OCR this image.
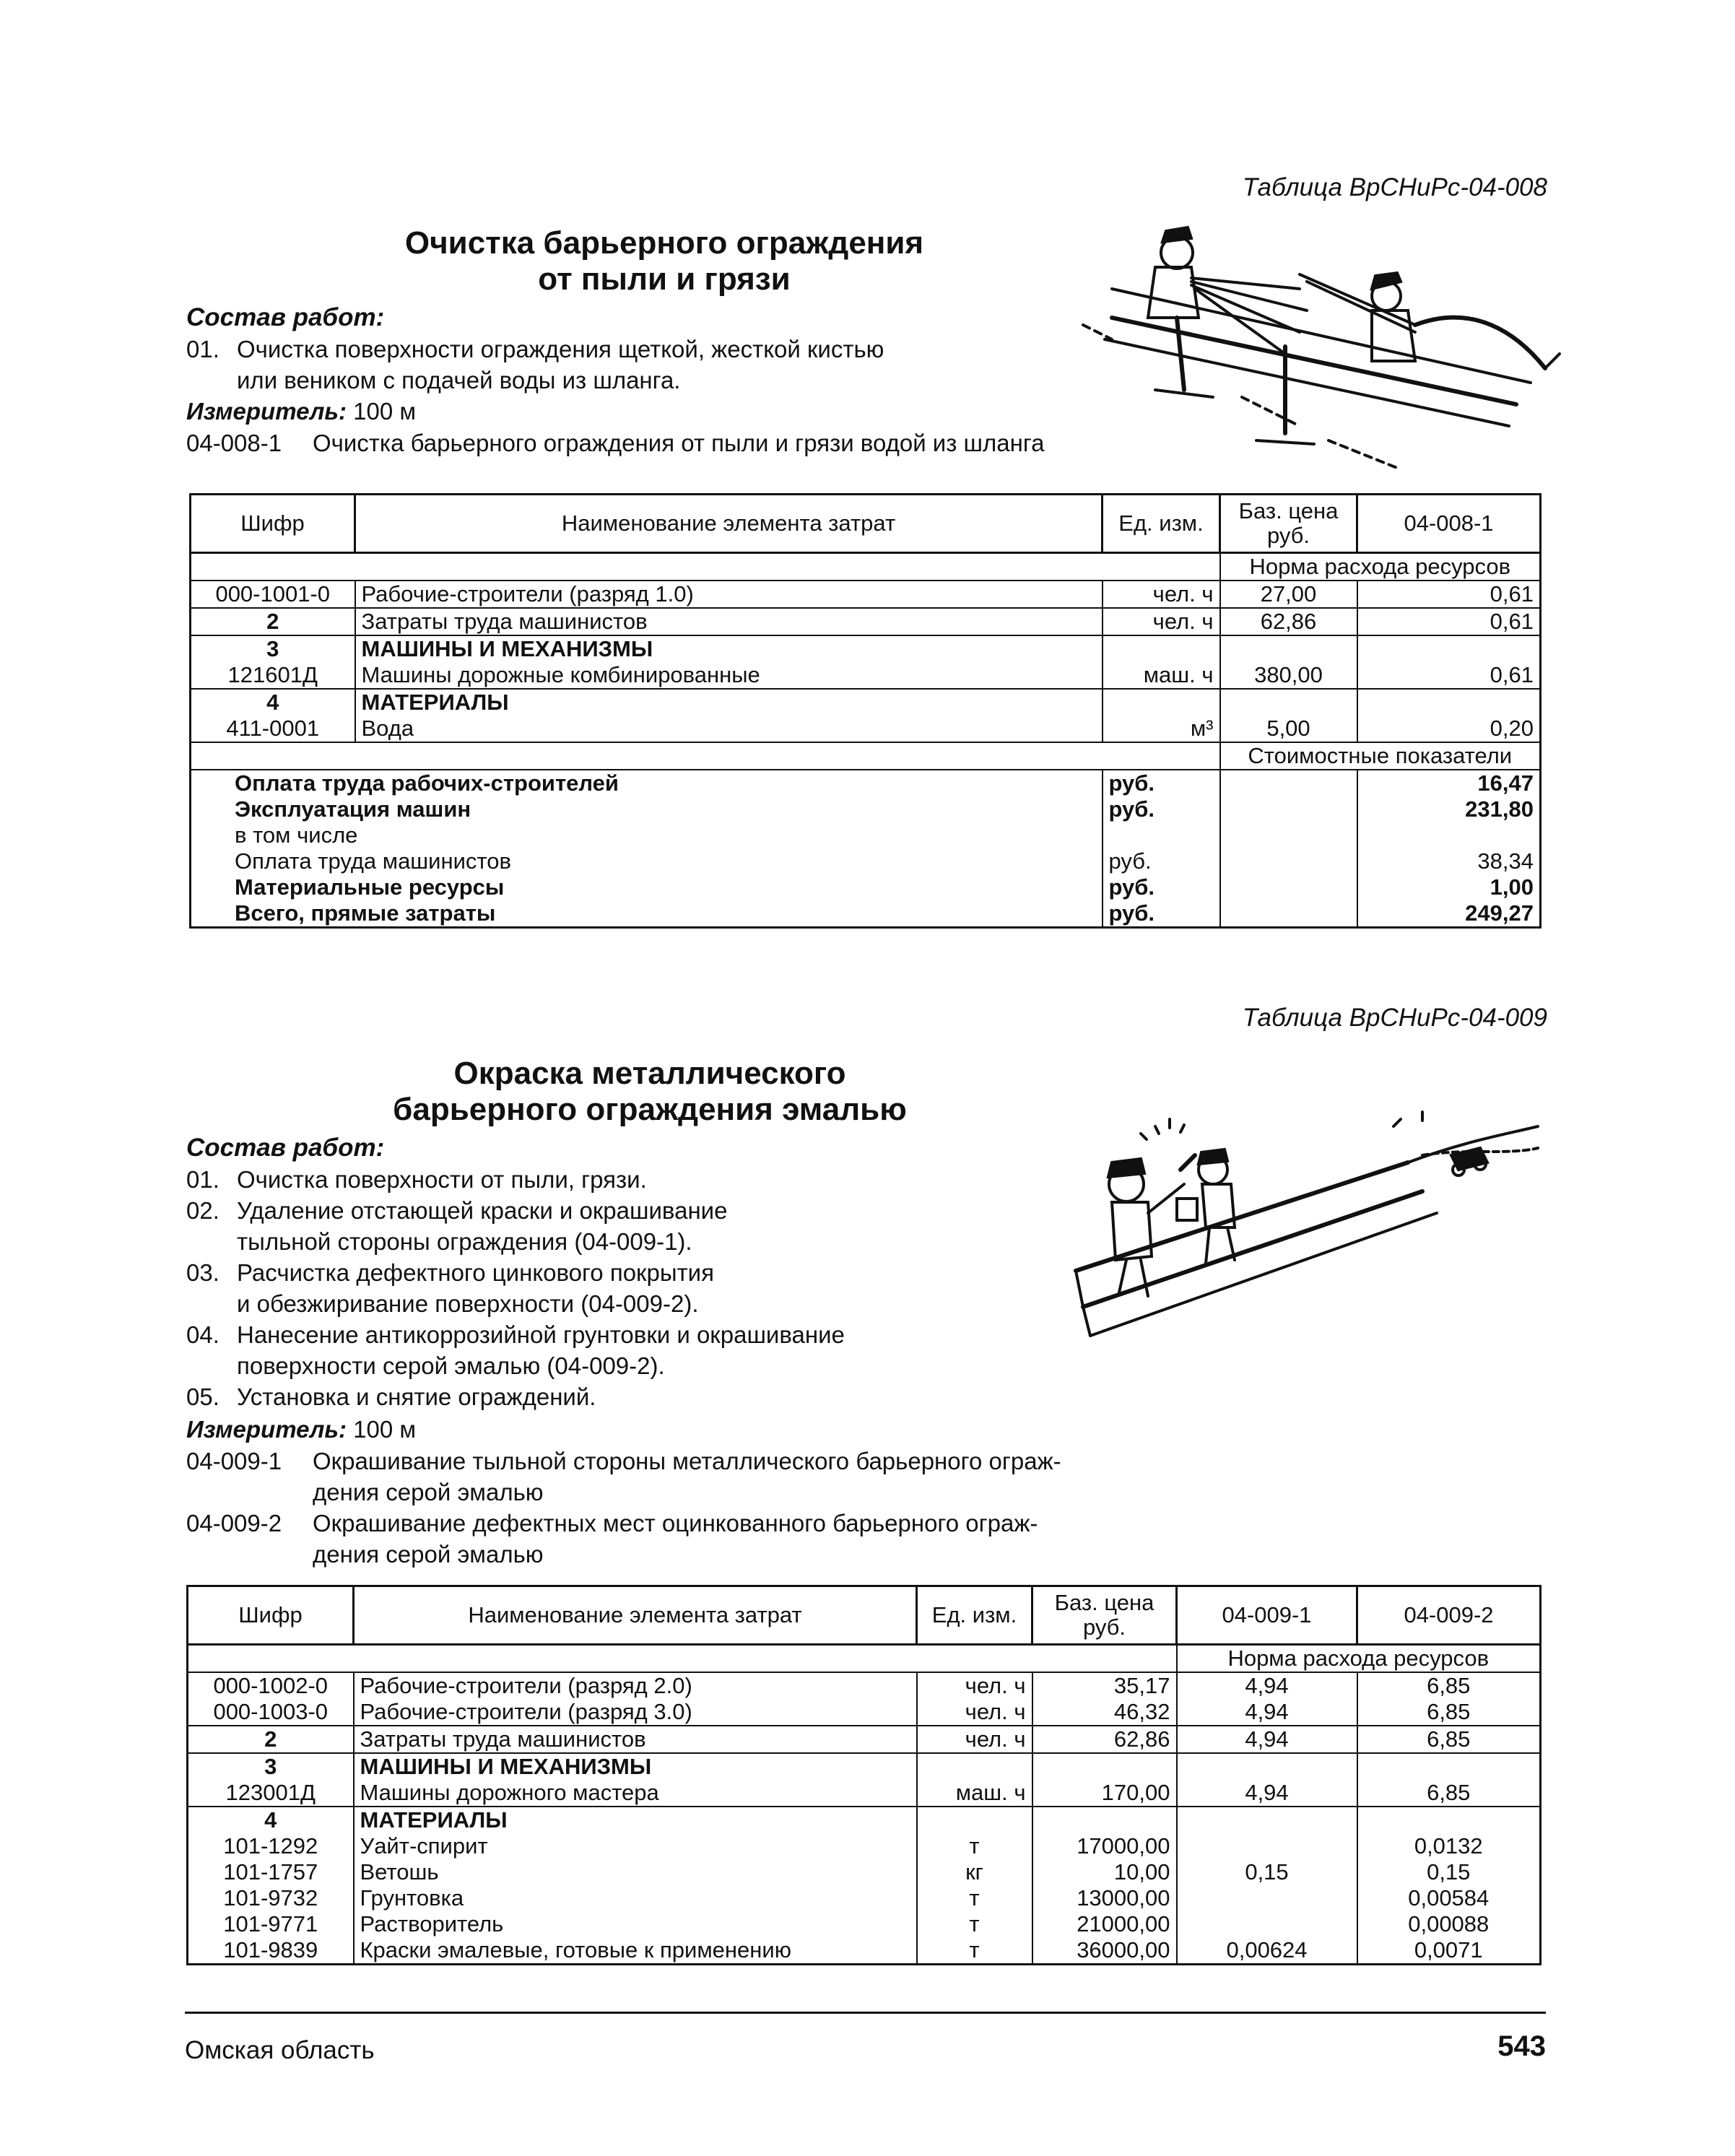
Таблица ВрСНиРс-04-008
Очистка барьерного ограждения
от пыли и грязи
Состав работ:
01. Очистка поверхности ограждения щеткой, жесткой кистью
или веником с подачей воды из шланга.
Измеритель: 100 м
04-008-1	Очистка барьерного ограждения от пыли и грязи водой из шланга
Шифр	Наименование элемента затрат	Ед. изм.	Баз. цена руб.	04-008-1
			Норма расхода ресурсов	
000-1001-0	Рабочие-строители (разряд 1.0)	чел. ч	27,00	0,61
2	Затраты труда машинистов	чел. ч	62,86	0,61
3	МАШИНЫ И МЕХАНИЗМЫ			
121601Д	Машины дорожные комбинированные	маш. ч	380,00	0,61
4	МАТЕРИАЛЫ			
411-0001	Вода	м³	5,00	0,20
			Стоимостные показатели	
Оплата труда рабочих-строителей		руб.		16,47
Эксплуатация машин		руб.		231,80
в том числе				
Оплата труда машинистов		руб.		38,34
Материальные ресурсы		руб.		1,00
Всего, прямые затраты		руб.		249,27
Таблица ВрСНиРс-04-009
Окраска металлического
барьерного ограждения эмалью
Состав работ:
01. Очистка поверхности от пыли, грязи.
02. Удаление отстающей краски и окрашивание
тыльной стороны ограждения (04-009-1).
03. Расчистка дефектного цинкового покрытия
и обезжиривание поверхности (04-009-2).
04. Нанесение антикоррозийной грунтовки и окрашивание
поверхности серой эмалью (04-009-2).
05. Установка и снятие ограждений.
Измеритель: 100 м
04-009-1	Окрашивание тыльной стороны металлического барьерного ограж-
дения серой эмалью
04-009-2	Окрашивание дефектных мест оцинкованного барьерного ограж-
дения серой эмалью
Шифр	Наименование элемента затрат	Ед. изм.	Баз. цена руб.	04-009-1	04-009-2
				Норма расхода ресурсов	
000-1002-0	Рабочие-строители (разряд 2.0)	чел. ч	35,17	4,94	6,85
000-1003-0	Рабочие-строители (разряд 3.0)	чел. ч	46,32	4,94	6,85
2	Затраты труда машинистов	чел. ч	62,86	4,94	6,85
3	МАШИНЫ И МЕХАНИЗМЫ				
123001Д	Машины дорожного мастера	маш. ч	170,00	4,94	6,85
4	МАТЕРИАЛЫ				
101-1292	Уайт-спирит	т	17000,00		0,0132
101-1757	Ветошь	кг	10,00	0,15	0,15
101-9732	Грунтовка	т	13000,00		0,00584
101-9771	Растворитель	т	21000,00		0,00088
101-9839	Краски эмалевые, готовые к применению	т	36000,00	0,00624	0,0071
Омская область	543
